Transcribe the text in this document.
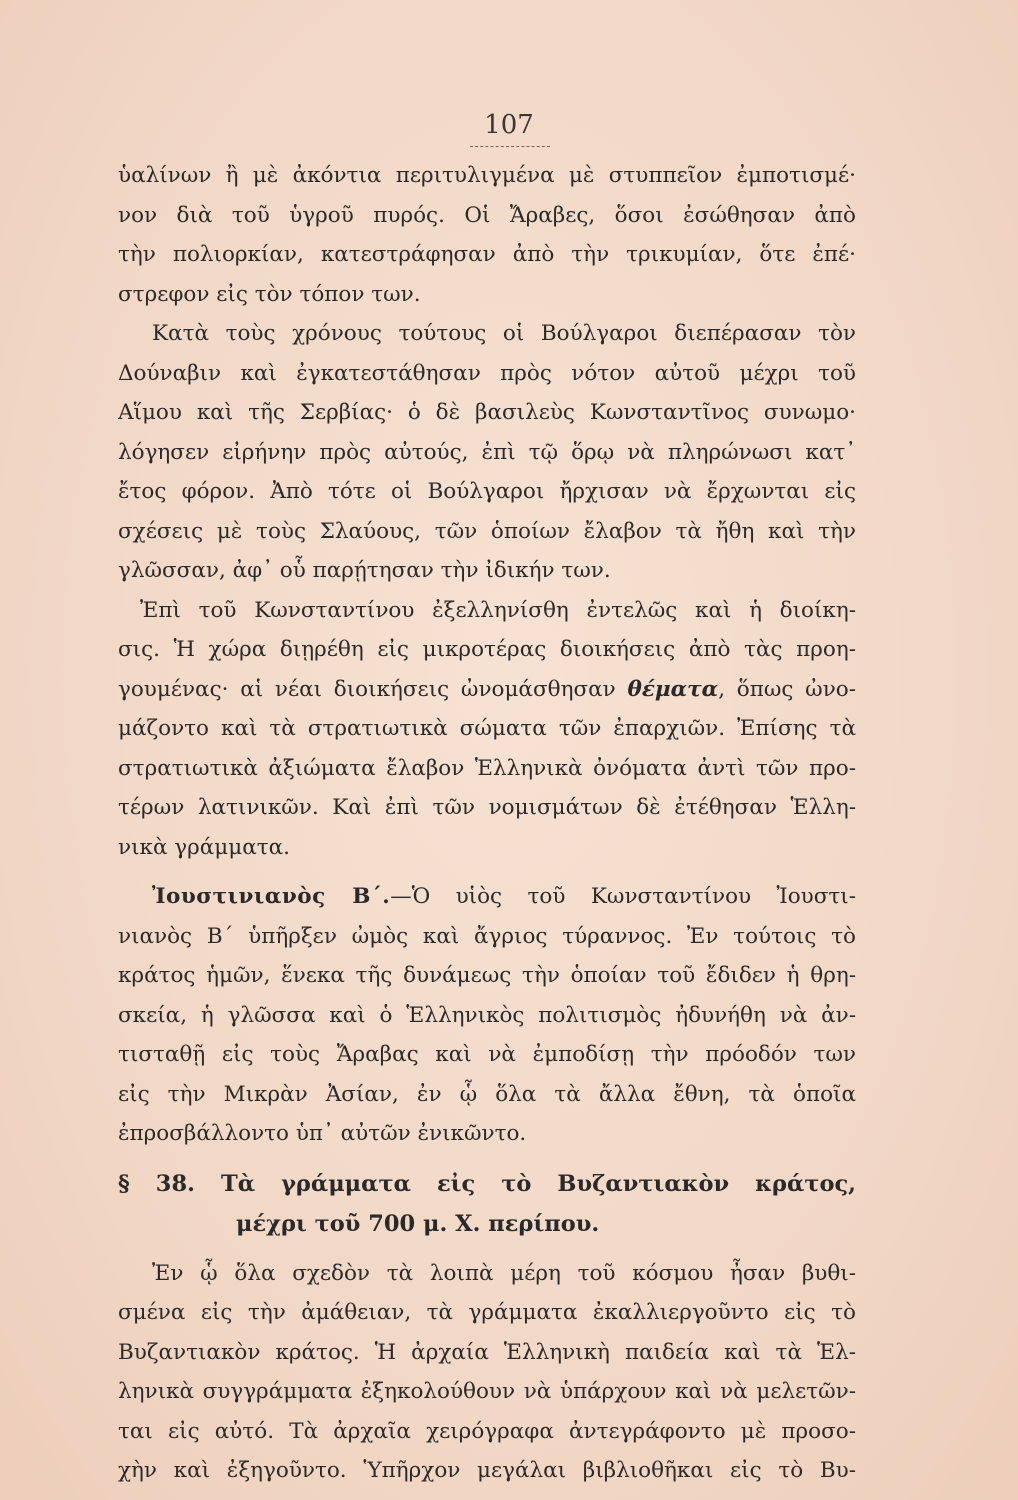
107
ὑαλίνων ἢ μὲ ἀκόντια περιτυλιγμένα μὲ στυππεῖον ἐμποτισμέ·
νον διὰ τοῦ ὑγροῦ πυρός. Οἱ Ἄραβες, ὅσοι ἐσώθησαν ἀπὸ
τὴν πολιορκίαν, κατεστράφησαν ἀπὸ τὴν τρικυμίαν, ὅτε ἐπέ·
στρεφον εἰς τὸν τόπον των.
Κατὰ τοὺς χρόνους τούτους οἱ Βούλγαροι διεπέρασαν τὸν
Δούναβιν καὶ ἐγκατεστάθησαν πρὸς νότον αὐτοῦ μέχρι τοῦ
Αἵμου καὶ τῆς Σερβίας· ὁ δὲ βασιλεὺς Κωνσταντῖνος συνωμο·
λόγησεν εἰρήνην πρὸς αὐτούς, ἐπὶ τῷ ὅρῳ νὰ πληρώνωσι κατ᾽
ἔτος φόρον. Ἀπὸ τότε οἱ Βούλγαροι ἤρχισαν νὰ ἔρχωνται εἰς
σχέσεις μὲ τοὺς Σλαύους, τῶν ὁποίων ἔλαβον τὰ ἤθη καὶ τὴν
γλῶσσαν, ἀφ᾽ οὗ παρῄτησαν τὴν ἰδικήν των.
Ἐπὶ τοῦ Κωνσταντίνου ἐξελληνίσθη ἐντελῶς καὶ ἡ διοίκη-
σις. Ἡ χώρα διῃρέθη εἰς μικροτέρας διοικήσεις ἀπὸ τὰς προη-
γουμένας· αἱ νέαι διοικήσεις ὠνομάσθησαν θέματα, ὅπως ὠνο-
μάζοντο καὶ τὰ στρατιωτικὰ σώματα τῶν ἐπαρχιῶν. Ἐπίσης τὰ
στρατιωτικὰ ἀξιώματα ἔλαβον Ἑλληνικὰ ὀνόματα ἀντὶ τῶν προ-
τέρων λατινικῶν. Καὶ ἐπὶ τῶν νομισμάτων δὲ ἐτέθησαν Ἑλλη-
νικὰ γράμματα.
Ἰουστινιανὸς Β΄.—Ὁ υἱὸς τοῦ Κωνσταντίνου Ἰουστι-
νιανὸς Β΄ ὑπῆρξεν ὠμὸς καὶ ἄγριος τύραννος. Ἐν τούτοις τὸ
κράτος ἡμῶν, ἕνεκα τῆς δυνάμεως τὴν ὁποίαν τοῦ ἔδιδεν ἡ θρη-
σκεία, ἡ γλῶσσα καὶ ὁ Ἑλληνικὸς πολιτισμὸς ἠδυνήθη νὰ ἀν-
τισταθῇ εἰς τοὺς Ἄραβας καὶ νὰ ἐμποδίσῃ τὴν πρόοδόν των
εἰς τὴν Μικρὰν Ἀσίαν, ἐν ᾧ ὅλα τὰ ἄλλα ἔθνη, τὰ ὁποῖα
ἐπροσβάλλοντο ὑπ᾽ αὐτῶν ἐνικῶντο.
§ 38. Τὰ γράμματα εἰς τὸ Βυζαντιακὸν κράτος,
μέχρι τοῦ 700 μ. Χ. περίπου.
Ἐν ᾧ ὅλα σχεδὸν τὰ λοιπὰ μέρη τοῦ κόσμου ἦσαν βυθι-
σμένα εἰς τὴν ἀμάθειαν, τὰ γράμματα ἐκαλλιεργοῦντο εἰς τὸ
Βυζαντιακὸν κράτος. Ἡ ἀρχαία Ἑλληνικὴ παιδεία καὶ τὰ Ἑλ-
ληνικὰ συγγράμματα ἐξηκολούθουν νὰ ὑπάρχουν καὶ νὰ μελετῶν-
ται εἰς αὐτό. Τὰ ἀρχαῖα χειρόγραφα ἀντεγράφοντο μὲ προσο-
χὴν καὶ ἐξηγοῦντο. Ὑπῆρχον μεγάλαι βιβλιοθῆκαι εἰς τὸ Βυ-
